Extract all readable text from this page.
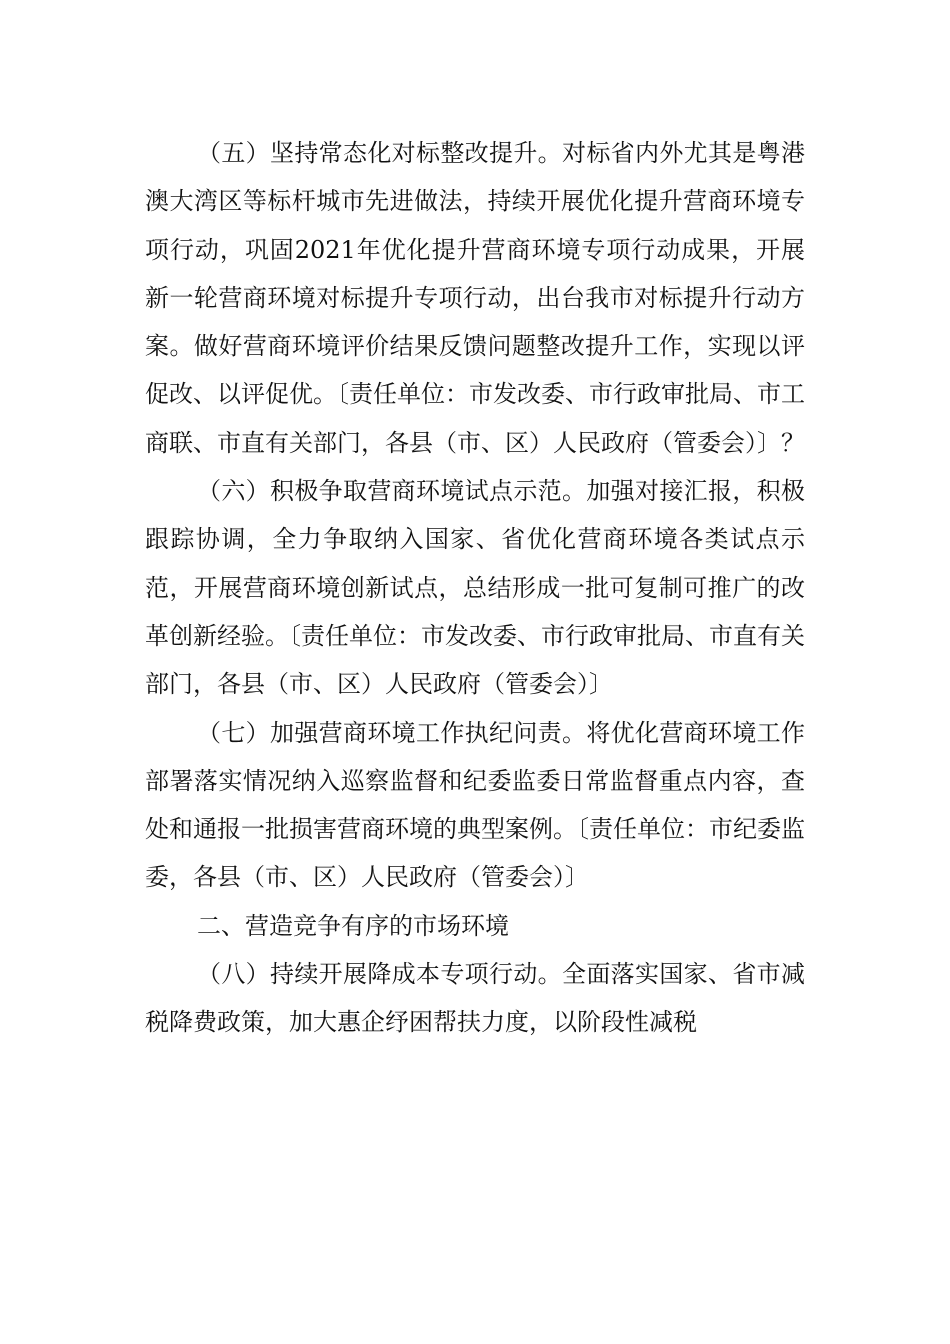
（五）坚持常态化对标整改提升。对标省内外尤其是粤港澳大湾区等标杆城市先进做法，持续开展优化提升营商环境专项行动，巩固2021年优化提升营商环境专项行动成果，开展新一轮营商环境对标提升专项行动，出台我市对标提升行动方案。做好营商环境评价结果反馈问题整改提升工作，实现以评促改、以评促优。〔责任单位：市发改委、市行政审批局、市工商联、市直有关部门，各县（市、区）人民政府（管委会）〕？

（六）积极争取营商环境试点示范。加强对接汇报，积极跟踪协调，全力争取纳入国家、省优化营商环境各类试点示范，开展营商环境创新试点，总结形成一批可复制可推广的改革创新经验。〔责任单位：市发改委、市行政审批局、市直有关部门，各县（市、区）人民政府（管委会）〕

（七）加强营商环境工作执纪问责。将优化营商环境工作部署落实情况纳入巡察监督和纪委监委日常监督重点内容，查处和通报一批损害营商环境的典型案例。〔责任单位：市纪委监委，各县（市、区）人民政府（管委会）〕

二、营造竞争有序的市场环境

（八）持续开展降成本专项行动。全面落实国家、省市减税降费政策，加大惠企纾困帮扶力度，以阶段性减税
